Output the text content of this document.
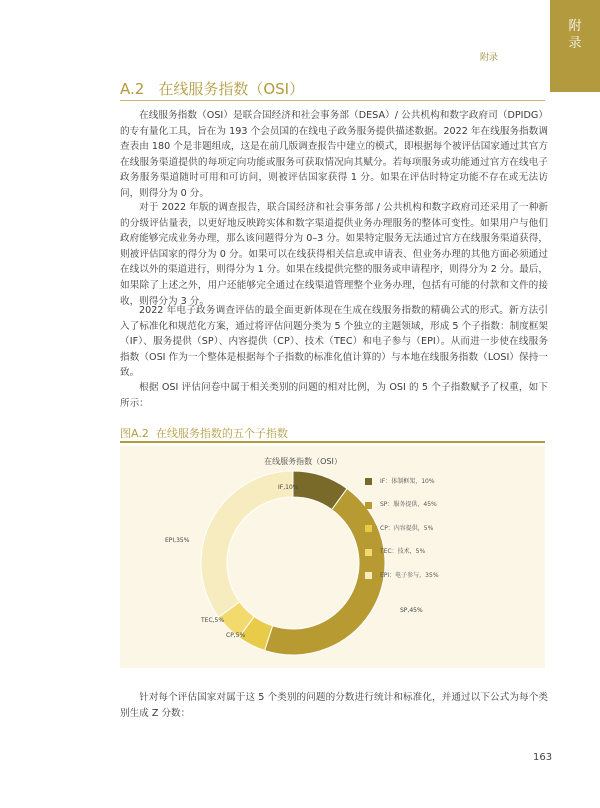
附
录
附录
A.2 在线服务指数（OSI）

在线服务指数（OSI）是联合国经济和社会事务部（DESA）/ 公共机构和数字政府司（DPIDG）的专有量化工具，旨在为 193 个会员国的在线电子政务服务提供描述数据。2022 年在线服务指数调查表由 180 个是非题组成，这是在前几版调查报告中建立的模式，即根据每个被评估国家通过其官方在线服务渠道提供的每项定向功能或服务可获取情况向其赋分。若每项服务或功能通过官方在线电子政务服务渠道随时可用和可访问，则被评估国家获得 1 分。如果在评估时特定功能不存在或无法访问，则得分为 0 分。

对于 2022 年版的调查报告，联合国经济和社会事务部 / 公共机构和数字政府司还采用了一种新的分级评估量表，以更好地反映跨实体和数字渠道提供业务办理服务的整体可变性。如果用户与他们政府能够完成业务办理，那么该问题得分为 0–3 分。如果特定服务无法通过官方在线服务渠道获得，则被评估国家的得分为 0 分。如果可以在线获得相关信息或申请表、但业务办理的其他方面必须通过在线以外的渠道进行，则得分为 1 分。如果在线提供完整的服务或申请程序，则得分为 2 分。最后，如果除了上述之外，用户还能够完全通过在线渠道管理整个业务办理，包括有可能的付款和文件的接收，则得分为 3 分。

2022 年电子政务调查评估的最全面更新体现在生成在线服务指数的精确公式的形式。新方法引入了标准化和规范化方案，通过将评估问题分类为 5 个独立的主题领域，形成 5 个子指数：制度框架（IF）、服务提供（SP）、内容提供（CP）、技术（TEC）和电子参与（EPI）。从而进一步使在线服务指数（OSI 作为一个整体是根据每个子指数的标准化值计算的）与本地在线服务指数（LOSI）保持一致。

根据 OSI 评估问卷中属于相关类别的问题的相对比例，为 OSI 的 5 个子指数赋予了权重，如下所示：

图A.2 在线服务指数的五个子指数
在线服务指数（OSI）
IF,10%
SP,45%
CP,5%
TEC,5%
EPI,35%
IF：体制框架，10%
SP：服务提供，45%
CP：内容提供，5%
TEC：技术，5%
EPI：电子参与，35%

针对每个评估国家对属于这 5 个类别的问题的分数进行统计和标准化，并通过以下公式为每个类别生成 Z 分数：

163
